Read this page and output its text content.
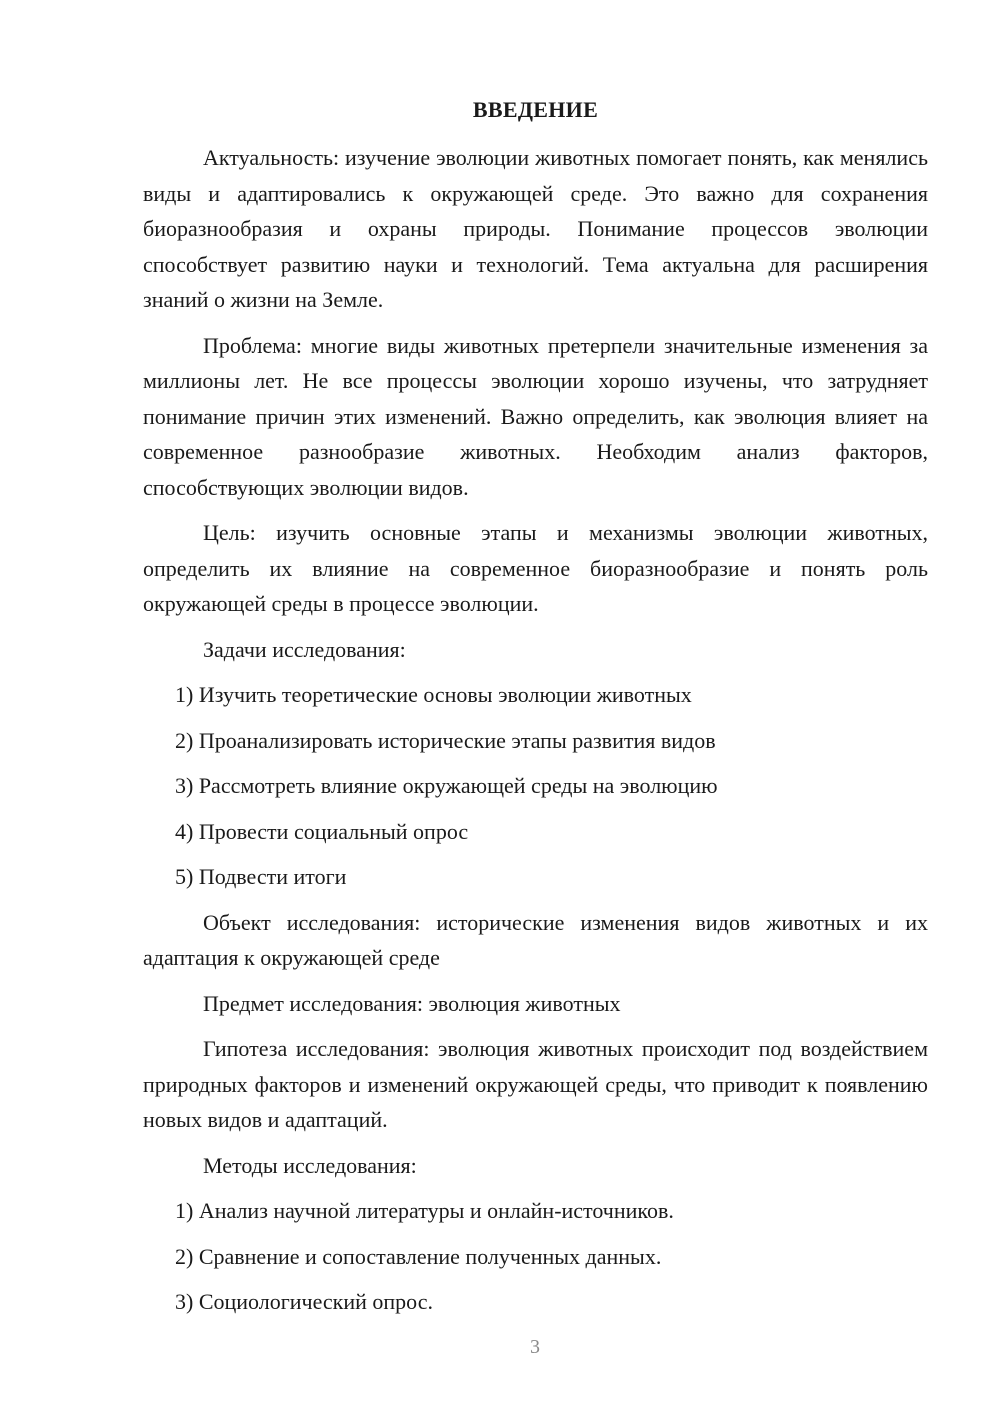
ВВЕДЕНИЕ

Актуальность: изучение эволюции животных помогает понять, как менялись виды и адаптировались к окружающей среде. Это важно для сохранения биоразнообразия и охраны природы. Понимание процессов эволюции способствует развитию науки и технологий. Тема актуальна для расширения знаний о жизни на Земле.

Проблема: многие виды животных претерпели значительные изменения за миллионы лет. Не все процессы эволюции хорошо изучены, что затрудняет понимание причин этих изменений. Важно определить, как эволюция влияет на современное разнообразие животных. Необходим анализ факторов, способствующих эволюции видов.

Цель: изучить основные этапы и механизмы эволюции животных, определить их влияние на современное биоразнообразие и понять роль окружающей среды в процессе эволюции.

Задачи исследования:

1) Изучить теоретические основы эволюции животных
2) Проанализировать исторические этапы развития видов
3) Рассмотреть влияние окружающей среды на эволюцию
4) Провести социальный опрос
5) Подвести итоги

Объект исследования: исторические изменения видов животных и их адаптация к окружающей среде

Предмет исследования: эволюция животных

Гипотеза исследования: эволюция животных происходит под воздействием природных факторов и изменений окружающей среды, что приводит к появлению новых видов и адаптаций.

Методы исследования:

1) Анализ научной литературы и онлайн-источников.
2) Сравнение и сопоставление полученных данных.
3) Социологический опрос.
3
